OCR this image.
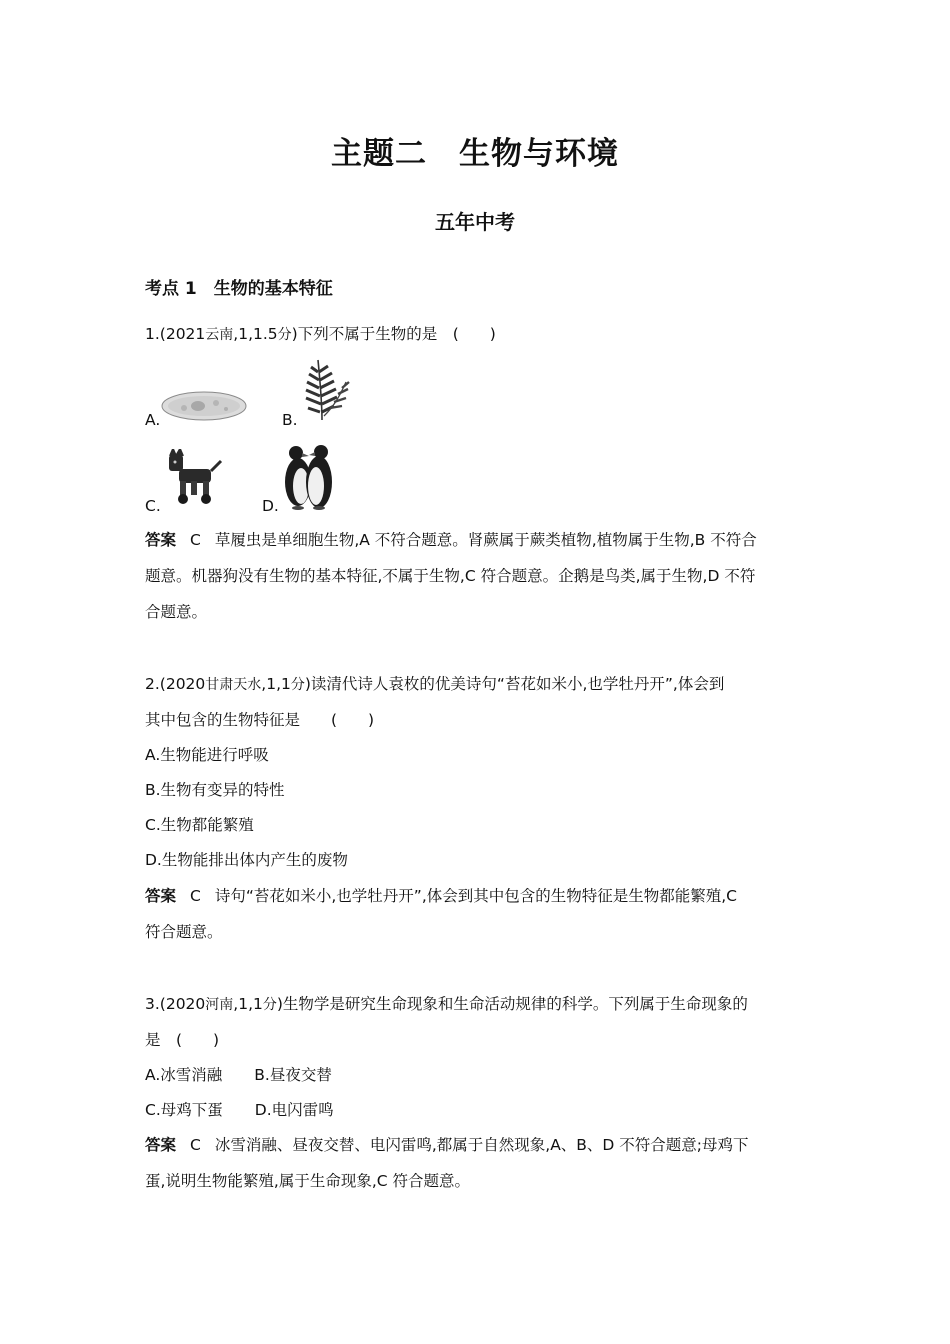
主题二　生物与环境
五年中考
考点 1　生物的基本特征
1.(2021云南,1,1.5分)下列不属于生物的是　(　　)
A.	B.
C.	D.
答案 C 草履虫是单细胞生物,A 不符合题意。肾蕨属于蕨类植物,植物属于生物,B 不符合
题意。机器狗没有生物的基本特征,不属于生物,C 符合题意。企鹅是鸟类,属于生物,D 不符
合题意。
2.(2020甘肃天水,1,1分)读清代诗人袁枚的优美诗句“苔花如米小,也学牡丹开”,体会到
其中包含的生物特征是　　(　　)
A.生物能进行呼吸
B.生物有变异的特性
C.生物都能繁殖
D.生物能排出体内产生的废物
答案 C 诗句“苔花如米小,也学牡丹开”,体会到其中包含的生物特征是生物都能繁殖,C
符合题意。
3.(2020河南,1,1分)生物学是研究生命现象和生命活动规律的科学。下列属于生命现象的
是　(　　)
A.冰雪消融 B.昼夜交替
C.母鸡下蛋 D.电闪雷鸣
答案 C 冰雪消融、昼夜交替、电闪雷鸣,都属于自然现象,A、B、D 不符合题意;母鸡下
蛋,说明生物能繁殖,属于生命现象,C 符合题意。
